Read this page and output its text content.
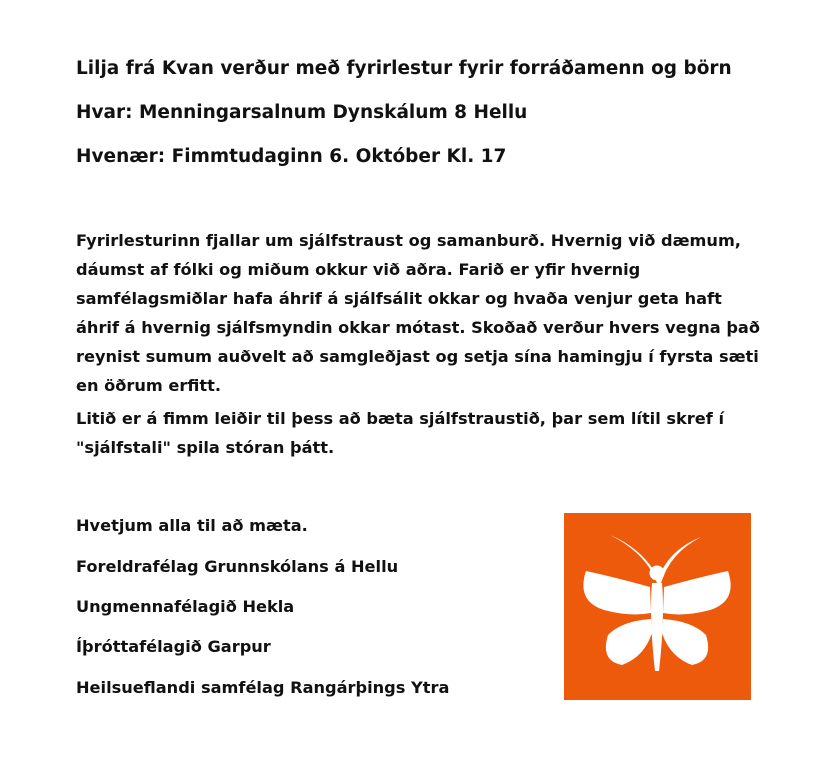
Lilja frá Kvan verður með fyrirlestur fyrir forráðamenn og börn

Hvar: Menningarsalnum Dynskálum 8 Hellu

Hvenær: Fimmtudaginn 6. Október Kl. 17

Fyrirlesturinn fjallar um sjálfstraust og samanburð. Hvernig við dæmum, dáumst af fólki og miðum okkur við aðra. Farið er yfir hvernig samfélagsmiðlar hafa áhrif á sjálfsálit okkar og hvaða venjur geta haft áhrif á hvernig sjálfsmyndin okkar mótast. Skoðað verður hvers vegna það reynist sumum auðvelt að samgleðjast og setja sína hamingju í fyrsta sæti en öðrum erfitt.

Litið er á fimm leiðir til þess að bæta sjálfstraustið, þar sem lítil skref í "sjálfstali" spila stóran þátt.

Hvetjum alla til að mæta.

Foreldrafélag Grunnskólans á Hellu

Ungmennafélagið Hekla

Íþróttafélagið Garpur

Heilsueflandi samfélag Rangárþings Ytra
